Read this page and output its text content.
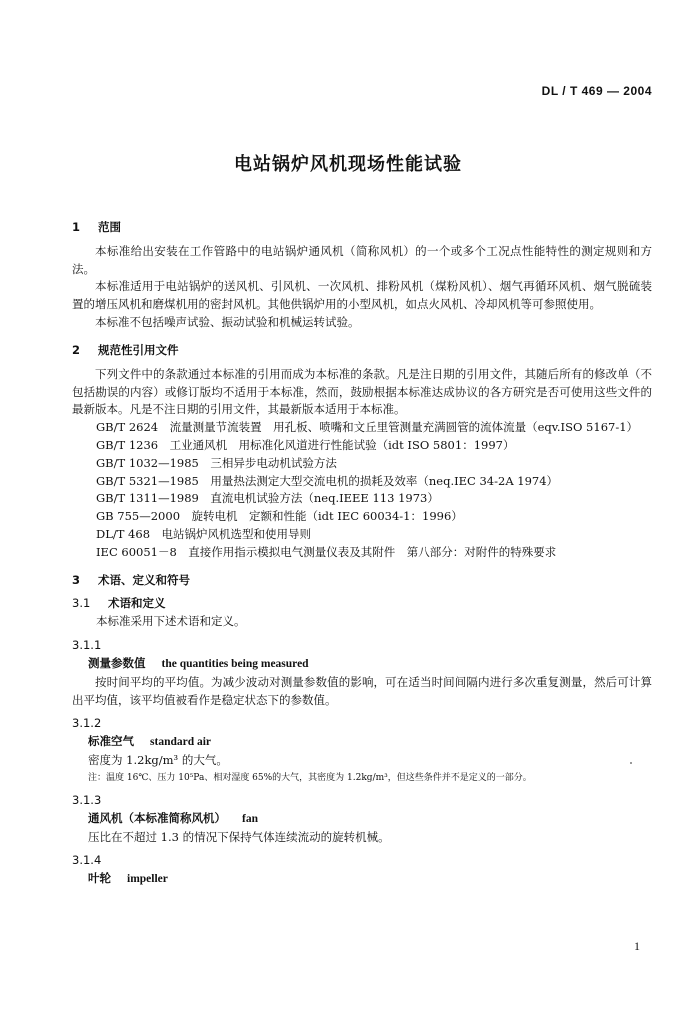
DL / T 469 — 2004
电站锅炉风机现场性能试验
1 范围

本标准给出安装在工作管路中的电站锅炉通风机（简称风机）的一个或多个工况点性能特性的测定规则和方法。

本标准适用于电站锅炉的送风机、引风机、一次风机、排粉风机（煤粉风机）、烟气再循环风机、烟气脱硫装置的增压风机和磨煤机用的密封风机。其他供锅炉用的小型风机，如点火风机、冷却风机等可参照使用。

本标准不包括噪声试验、振动试验和机械运转试验。

2 规范性引用文件

下列文件中的条款通过本标准的引用而成为本标准的条款。凡是注日期的引用文件，其随后所有的修改单（不包括勘误的内容）或修订版均不适用于本标准，然而，鼓励根据本标准达成协议的各方研究是否可使用这些文件的最新版本。凡是不注日期的引用文件，其最新版本适用于本标准。

GB/T 2624　流量测量节流装置　用孔板、喷嘴和文丘里管测量充满圆管的流体流量（eqv.ISO 5167-1）
GB/T 1236　工业通风机　用标准化风道进行性能试验（idt ISO 5801：1997）
GB/T 1032—1985　三相异步电动机试验方法
GB/T 5321—1985　用量热法测定大型交流电机的损耗及效率（neq.IEC 34-2A 1974）
GB/T 1311—1989　直流电机试验方法（neq.IEEE 113 1973）
GB 755—2000　旋转电机　定额和性能（idt IEC 60034-1：1996）
DL/T 468　电站锅炉风机选型和使用导则
IEC 60051－8　直接作用指示模拟电气测量仪表及其附件　第八部分：对附件的特殊要求
3 术语、定义和符号
3.1 术语和定义
本标准采用下述术语和定义。
3.1.1
测量参数值 the quantities being measured

按时间平均的平均值。为减少波动对测量参数值的影响，可在适当时间间隔内进行多次重复测量，然后可计算出平均值，该平均值被看作是稳定状态下的参数值。

3.1.2
标准空气 standard air
密度为 1.2kg/m³ 的大气。
注：温度 16℃、压力 10⁵Pa、相对湿度 65%的大气，其密度为 1.2kg/m³，但这些条件并不是定义的一部分。
3.1.3
通风机（本标准简称风机） fan
压比在不超过 1.3 的情况下保持气体连续流动的旋转机械。
3.1.4
叶轮 impeller
1
